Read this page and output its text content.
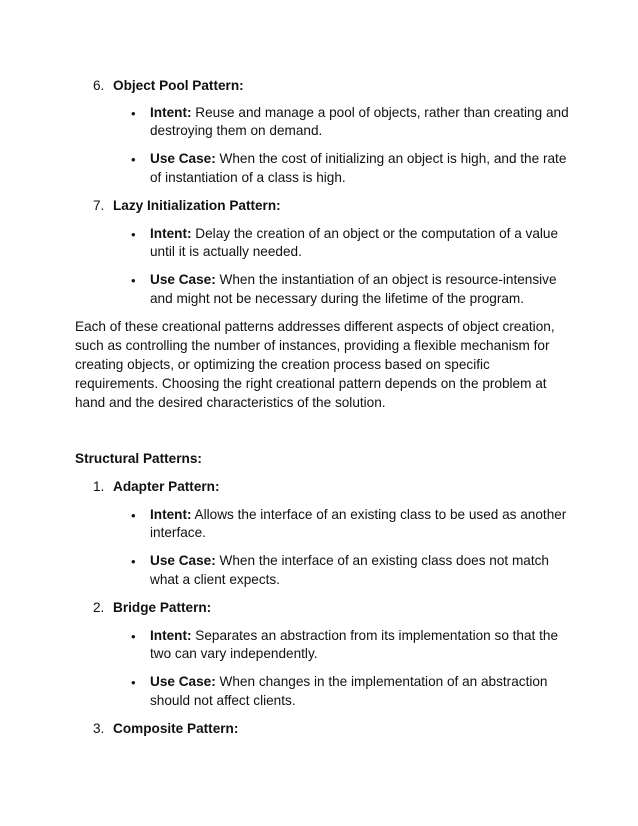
6. Object Pool Pattern:
• Intent: Reuse and manage a pool of objects, rather than creating and
destroying them on demand.
• Use Case: When the cost of initializing an object is high, and the rate
of instantiation of a class is high.
7. Lazy Initialization Pattern:
• Intent: Delay the creation of an object or the computation of a value
until it is actually needed.
• Use Case: When the instantiation of an object is resource-intensive
and might not be necessary during the lifetime of the program.
Each of these creational patterns addresses different aspects of object creation,
such as controlling the number of instances, providing a flexible mechanism for
creating objects, or optimizing the creation process based on specific
requirements. Choosing the right creational pattern depends on the problem at
hand and the desired characteristics of the solution.
Structural Patterns:
1. Adapter Pattern:
• Intent: Allows the interface of an existing class to be used as another
interface.
• Use Case: When the interface of an existing class does not match
what a client expects.
2. Bridge Pattern:
• Intent: Separates an abstraction from its implementation so that the
two can vary independently.
• Use Case: When changes in the implementation of an abstraction
should not affect clients.
3. Composite Pattern:
